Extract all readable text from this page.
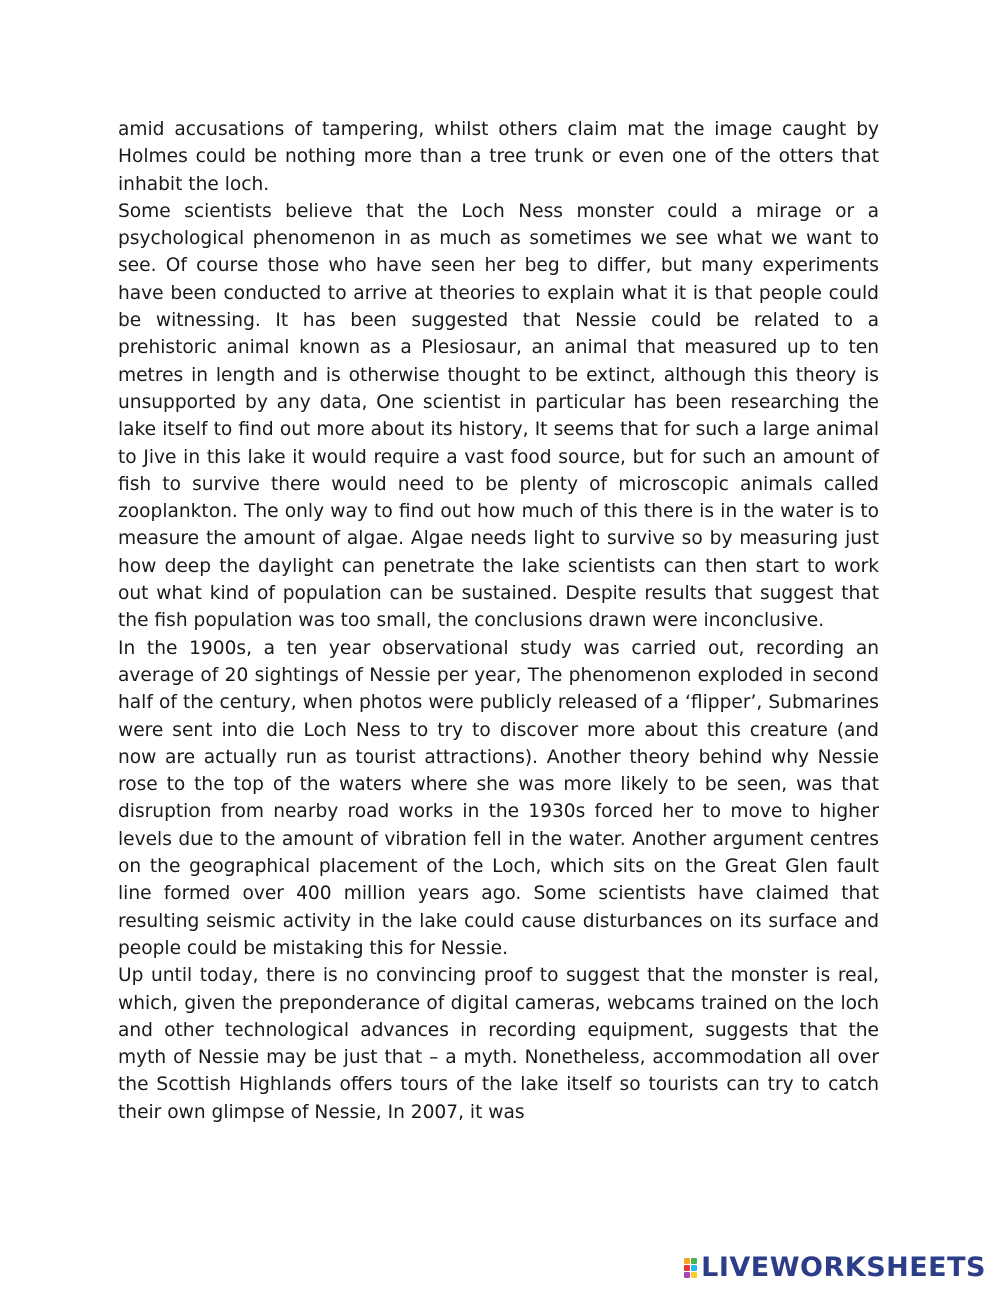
amid accusations of tampering, whilst others claim mat the image caught by Holmes could be nothing more than a tree trunk or even one of the otters that inhabit the loch.

Some scientists believe that the Loch Ness monster could a mirage or a psychological phenomenon in as much as sometimes we see what we want to see. Of course those who have seen her beg to differ, but many experiments have been conducted to arrive at theories to explain what it is that people could be witnessing. It has been suggested that Nessie could be related to a prehistoric animal known as a Plesiosaur, an animal that measured up to ten metres in length and is otherwise thought to be extinct, although this theory is unsupported by any data, One scientist in particular has been researching the lake itself to find out more about its history, It seems that for such a large animal to Jive in this lake it would require a vast food source, but for such an amount of fish to survive there would need to be plenty of microscopic animals called zooplankton. The only way to find out how much of this there is in the water is to measure the amount of algae. Algae needs light to survive so by measuring just how deep the daylight can penetrate the lake scientists can then start to work out what kind of population can be sustained. Despite results that suggest that the fish population was too small, the conclusions drawn were inconclusive.

In the 1900s, a ten year observational study was carried out, recording an average of 20 sightings of Nessie per year, The phenomenon exploded in second half of the century, when photos were publicly released of a ‘flipper’, Submarines were sent into die Loch Ness to try to discover more about this creature (and now are actually run as tourist attractions). Another theory behind why Nessie rose to the top of the waters where she was more likely to be seen, was that disruption from nearby road works in the 1930s forced her to move to higher levels due to the amount of vibration fell in the water. Another argument centres on the geographical placement of the Loch, which sits on the Great Glen fault line formed over 400 million years ago. Some scientists have claimed that resulting seismic activity in the lake could cause disturbances on its surface and people could be mistaking this for Nessie.

Up until today, there is no convincing proof to suggest that the monster is real, which, given the preponderance of digital cameras, webcams trained on the loch and other technological advances in recording equipment, suggests that the myth of Nessie may be just that – a myth. Nonetheless, accommodation all over the Scottish Highlands offers tours of the lake itself so tourists can try to catch their own glimpse of Nessie, In 2007, it was

LIVEWORKSHEETS
